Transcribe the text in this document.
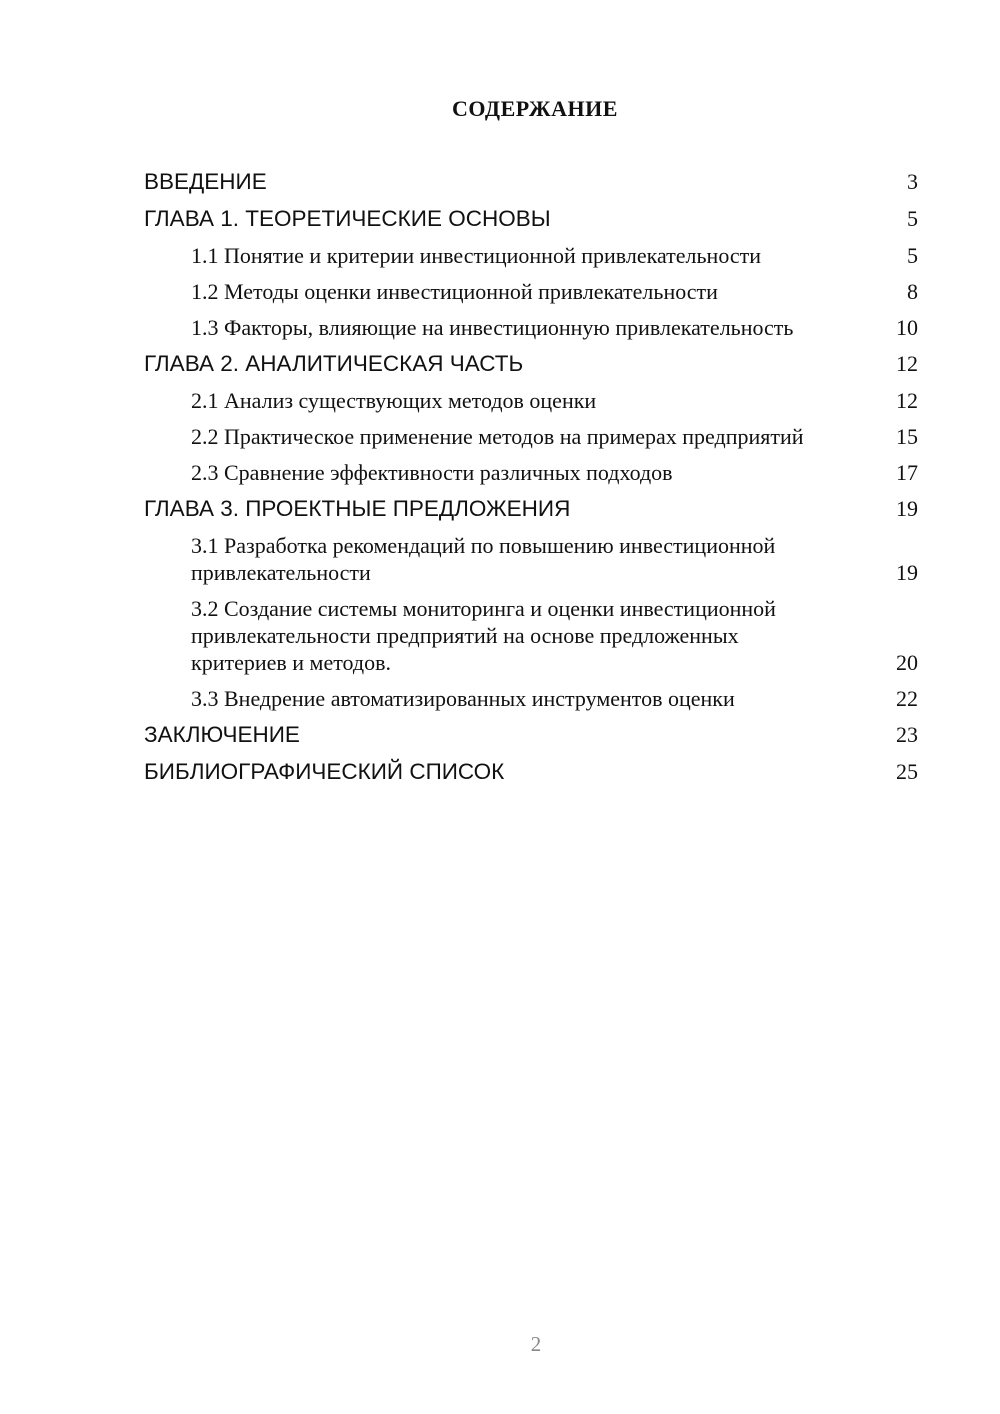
СОДЕРЖАНИЕ
ВВЕДЕНИЕ	3
ГЛАВА 1. ТЕОРЕТИЧЕСКИЕ ОСНОВЫ	5
1.1 Понятие и критерии инвестиционной привлекательности	5
1.2 Методы оценки инвестиционной привлекательности	8
1.3 Факторы, влияющие на инвестиционную привлекательность	10
ГЛАВА 2. АНАЛИТИЧЕСКАЯ ЧАСТЬ	12
2.1 Анализ существующих методов оценки	12
2.2 Практическое применение методов на примерах предприятий	15
2.3 Сравнение эффективности различных подходов	17
ГЛАВА 3. ПРОЕКТНЫЕ ПРЕДЛОЖЕНИЯ	19
3.1 Разработка рекомендаций по повышению инвестиционной привлекательности	19
3.2 Создание системы мониторинга и оценки инвестиционной привлекательности предприятий на основе предложенных критериев и методов.	20
3.3 Внедрение автоматизированных инструментов оценки	22
ЗАКЛЮЧЕНИЕ	23
БИБЛИОГРАФИЧЕСКИЙ СПИСОК	25
2
